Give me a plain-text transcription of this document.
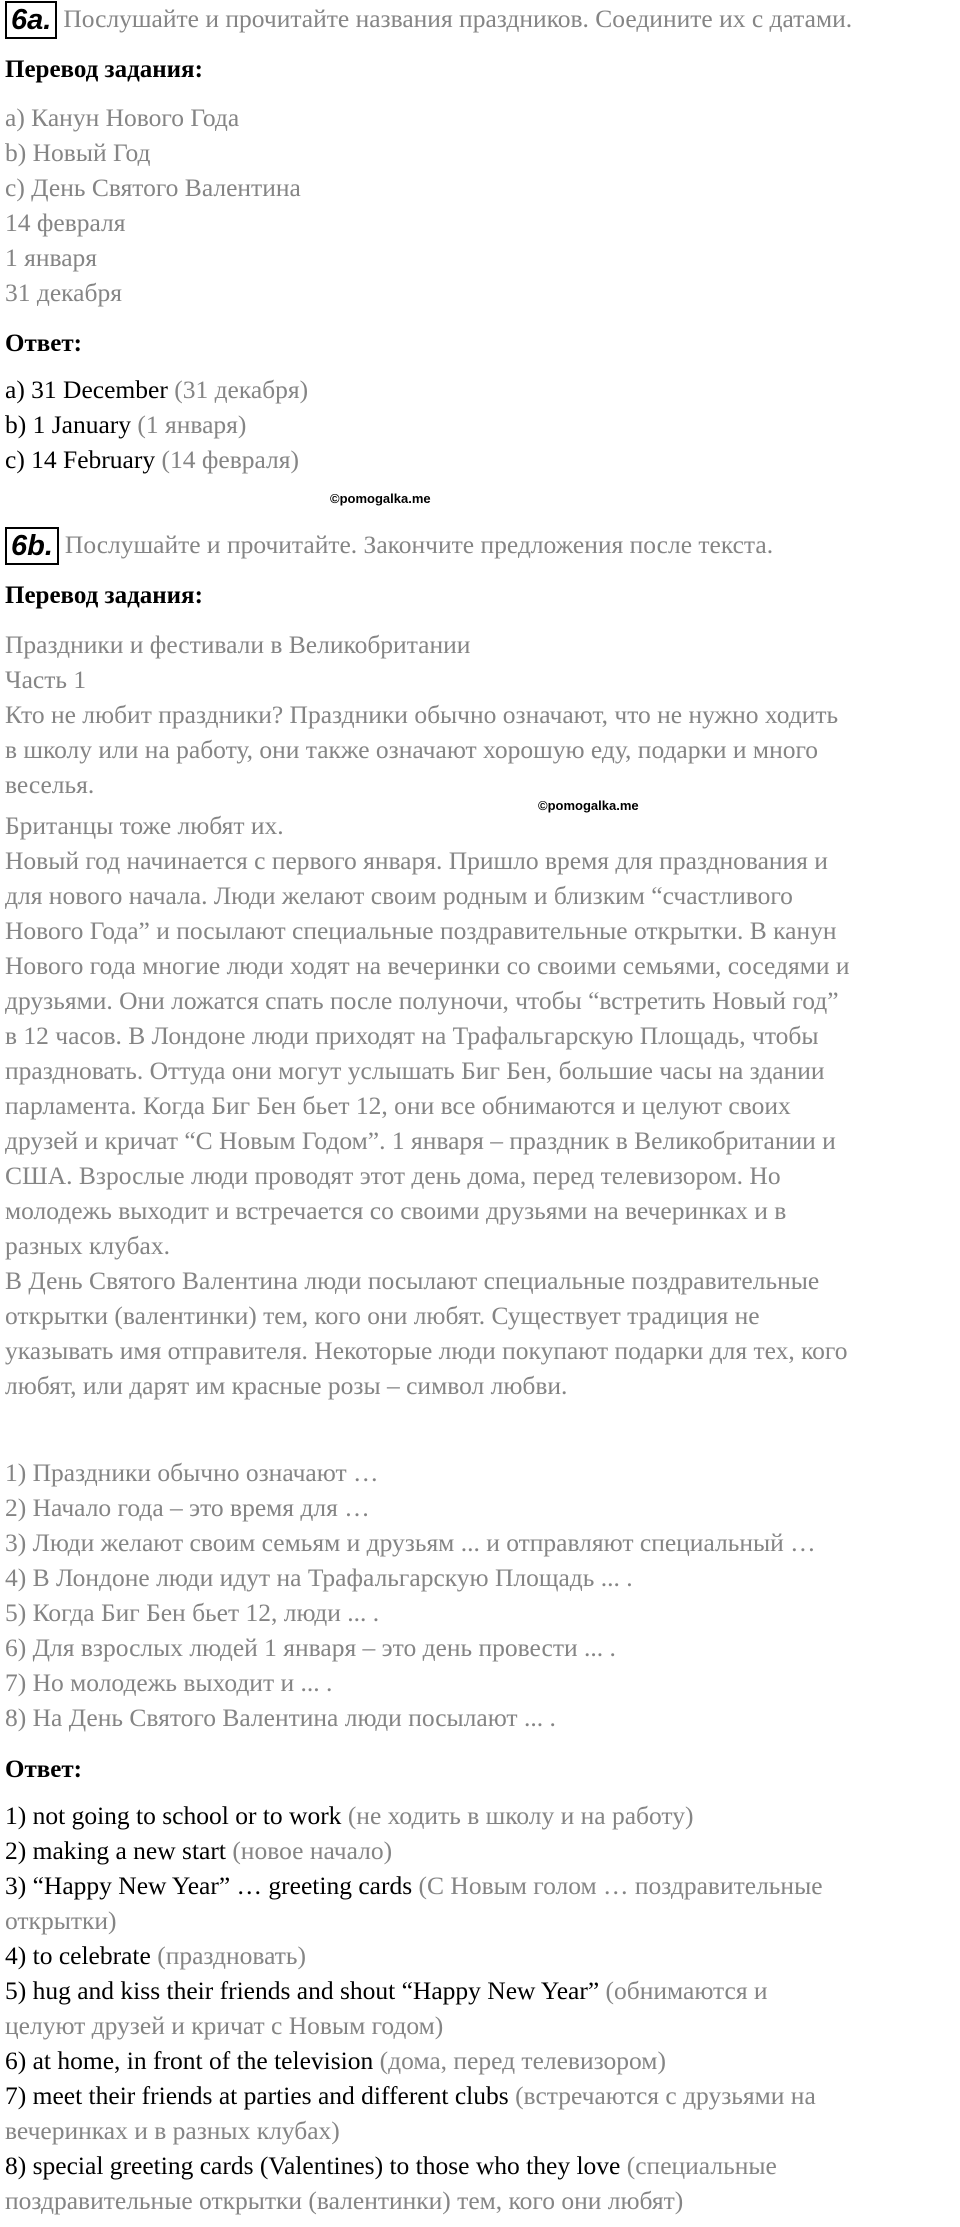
6a. Послушайте и прочитайте названия праздников. Соедините их с датами.
Перевод задания:
a) Канун Нового Года
b) Новый Год
c) День Святого Валентина
14 февраля
1 января
31 декабря
Ответ:
a) 31 December (31 декабря)
b) 1 January (1 января)
c) 14 February (14 февраля)
©pomogalka.me
6b. Послушайте и прочитайте. Закончите предложения после текста.
Перевод задания:
Праздники и фестивали в Великобритании
Часть 1
Кто не любит праздники? Праздники обычно означают, что не нужно ходить
в школу или на работу, они также означают хорошую еду, подарки и много
веселья.
Британцы тоже любят их.
©pomogalka.me
Новый год начинается с первого января. Пришло время для празднования и
для нового начала. Люди желают своим родным и близким “счастливого
Нового Года” и посылают специальные поздравительные открытки. В канун
Нового года многие люди ходят на вечеринки со своими семьями, соседями и
друзьями. Они ложатся спать после полуночи, чтобы “встретить Новый год”
в 12 часов. В Лондоне люди приходят на Трафальгарскую Площадь, чтобы
праздновать. Оттуда они могут услышать Биг Бен, большие часы на здании
парламента. Когда Биг Бен бьет 12, они все обнимаются и целуют своих
друзей и кричат “С Новым Годом”. 1 января – праздник в Великобритании и
США. Взрослые люди проводят этот день дома, перед телевизором. Но
молодежь выходит и встречается со своими друзьями на вечеринках и в
разных клубах.
В День Святого Валентина люди посылают специальные поздравительные
открытки (валентинки) тем, кого они любят. Существует традиция не
указывать имя отправителя. Некоторые люди покупают подарки для тех, кого
любят, или дарят им красные розы – символ любви.
1) Праздники обычно означают …
2) Начало года – это время для …
3) Люди желают своим семьям и друзьям ... и отправляют специальный …
4) В Лондоне люди идут на Трафальгарскую Площадь ... .
5) Когда Биг Бен бьет 12, люди ... .
6) Для взрослых людей 1 января – это день провести ... .
7) Но молодежь выходит и ... .
8) На День Святого Валентина люди посылают ... .
Ответ:
1) not going to school or to work (не ходить в школу и на работу)
2) making a new start (новое начало)
3) “Happy New Year” … greeting cards (С Новым голом … поздравительные
открытки)
4) to celebrate (праздновать)
5) hug and kiss their friends and shout “Happy New Year” (обнимаются и
целуют друзей и кричат с Новым годом)
6) at home, in front of the television (дома, перед телевизором)
7) meet their friends at parties and different clubs (встречаются с друзьями на
вечеринках и в разных клубах)
8) special greeting cards (Valentines) to those who they love (специальные
поздравительные открытки (валентинки) тем, кого они любят)
